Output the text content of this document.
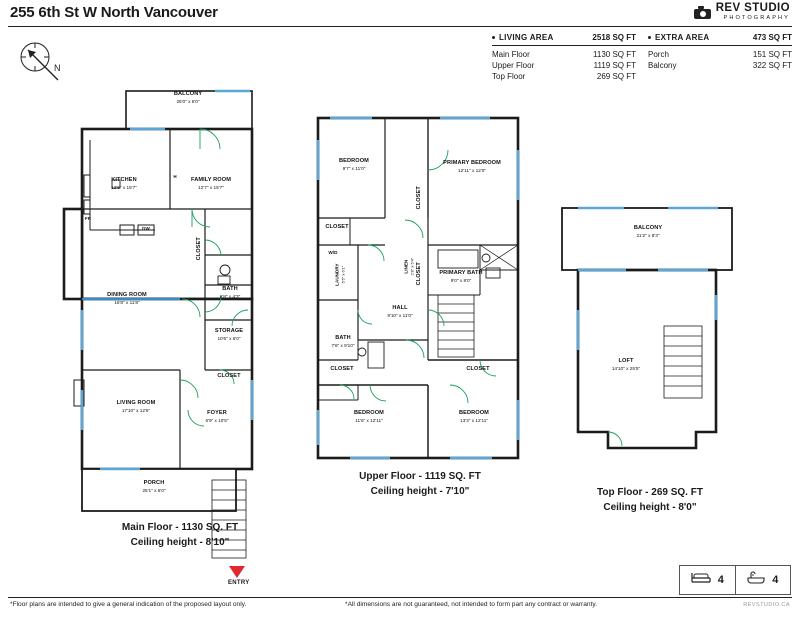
255 6th St W North Vancouver	REV STUDIO
PHOTOGRAPHY
LIVING AREA	2518 SQ FT	EXTRA AREA	473 SQ FT
Main Floor	1130 SQ FT
Upper Floor	1119 SQ FT
Top Floor	269 SQ FT
Porch	151 SQ FT
Balcony	322 SQ FT
N
BALCONY
25'0" x 6'0"
KITCHEN
12'5" x 15'7"
FAMILY ROOM
12'7" x 15'7"
DINING ROOM
16'8" x 11'8"
LIVING ROOM
17'10" x 12'6"
PORCH
25'1" x 6'0"
FOYER
6'9" x 10'5"
STORAGE
10'6" x 6'0"
BATH
6'8" x 4'3"
CLOSET
CLOSET
DW
FR
H
Main Floor - 1130 SQ. FT
Ceiling height - 8'10"
ENTRY
BEDROOM
9'7" x 11'0"
PRIMARY BEDROOM
12'11" x 12'0"
PRIMARY BATH
9'0" x 8'0"
HALL
9'10" x 11'0"
BATH
7'6" x 9'10"
BEDROOM
11'6" x 12'11"
BEDROOM
13'3" x 12'11"
CLOSET
CLOSET	CLOSET
CLOSET
CLOSET
W/D
LAUNDRY 5'5" x 6'1"	LINEN 2'8" x 5'4"
Upper Floor - 1119 SQ. FT
Ceiling height - 7'10"
BALCONY
21'2" x 8'3"
LOFT
14'10" x 25'5"
Top Floor - 269 SQ. FT
Ceiling height - 8'0"
4	4
*Floor plans are intended to give a general indication of the proposed layout only.	*All dimensions are not guaranteed, not intended to form part any contract or warranty.	REVSTUDIO.CA
